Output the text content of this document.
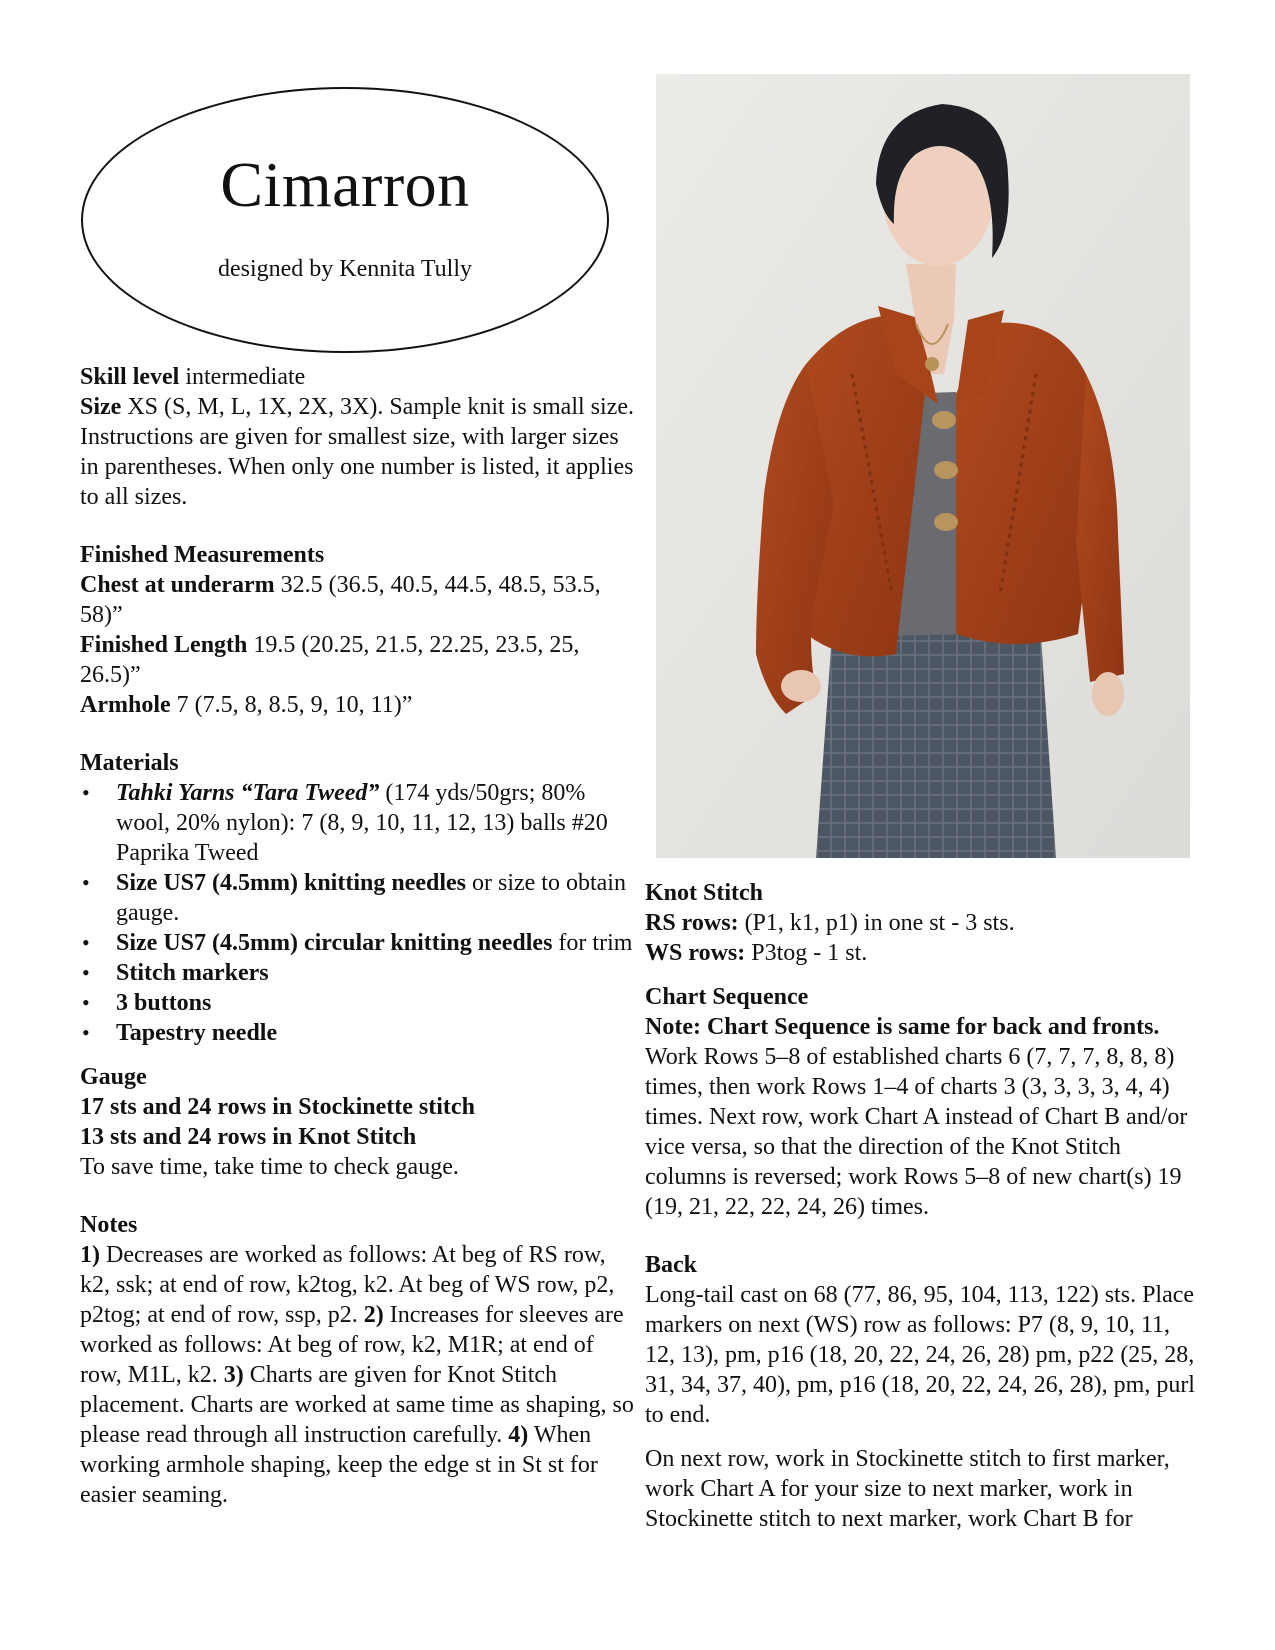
Cimarron
designed by Kennita Tully

Skill level intermediate

Size XS (S, M, L, 1X, 2X, 3X). Sample knit is small size.

Instructions are given for smallest size, with larger sizes in parentheses. When only one number is listed, it applies to all sizes.

Finished Measurements

Chest at underarm 32.5 (36.5, 40.5, 44.5, 48.5, 53.5, 58)”

Finished Length 19.5 (20.25, 21.5, 22.25, 23.5, 25, 26.5)”

Armhole 7 (7.5, 8, 8.5, 9, 10, 11)”

Materials

• Tahki Yarns “Tara Tweed” (174 yds/50grs; 80% wool, 20% nylon): 7 (8, 9, 10, 11, 12, 13) balls #20 Paprika Tweed
• Size US7 (4.5mm) knitting needles or size to obtain gauge.
• Size US7 (4.5mm) circular knitting needles for trim
• Stitch markers
• 3 buttons
• Tapestry needle

Gauge

17 sts and 24 rows in Stockinette stitch

13 sts and 24 rows in Knot Stitch

To save time, take time to check gauge.

Notes

1) Decreases are worked as follows: At beg of RS row, k2, ssk; at end of row, k2tog, k2. At beg of WS row, p2, p2tog; at end of row, ssp, p2. 2) Increases for sleeves are worked as follows: At beg of row, k2, M1R; at end of row, M1L, k2. 3) Charts are given for Knot Stitch placement. Charts are worked at same time as shaping, so please read through all instruction carefully. 4) When working armhole shaping, keep the edge st in St st for easier seaming.

Knot Stitch

RS rows: (P1, k1, p1) in one st - 3 sts.

WS rows: P3tog - 1 st.

Chart Sequence

Note: Chart Sequence is same for back and fronts.

Work Rows 5–8 of established charts 6 (7, 7, 7, 8, 8, 8) times, then work Rows 1–4 of charts 3 (3, 3, 3, 3, 4, 4) times. Next row, work Chart A instead of Chart B and/or vice versa, so that the direction of the Knot Stitch columns is reversed; work Rows 5–8 of new chart(s) 19 (19, 21, 22, 22, 24, 26) times.

Back

Long-tail cast on 68 (77, 86, 95, 104, 113, 122) sts. Place markers on next (WS) row as follows: P7 (8, 9, 10, 11, 12, 13), pm, p16 (18, 20, 22, 24, 26, 28) pm, p22 (25, 28, 31, 34, 37, 40), pm, p16 (18, 20, 22, 24, 26, 28), pm, purl to end.

On next row, work in Stockinette stitch to first marker, work Chart A for your size to next marker, work in Stockinette stitch to next marker, work Chart B for
